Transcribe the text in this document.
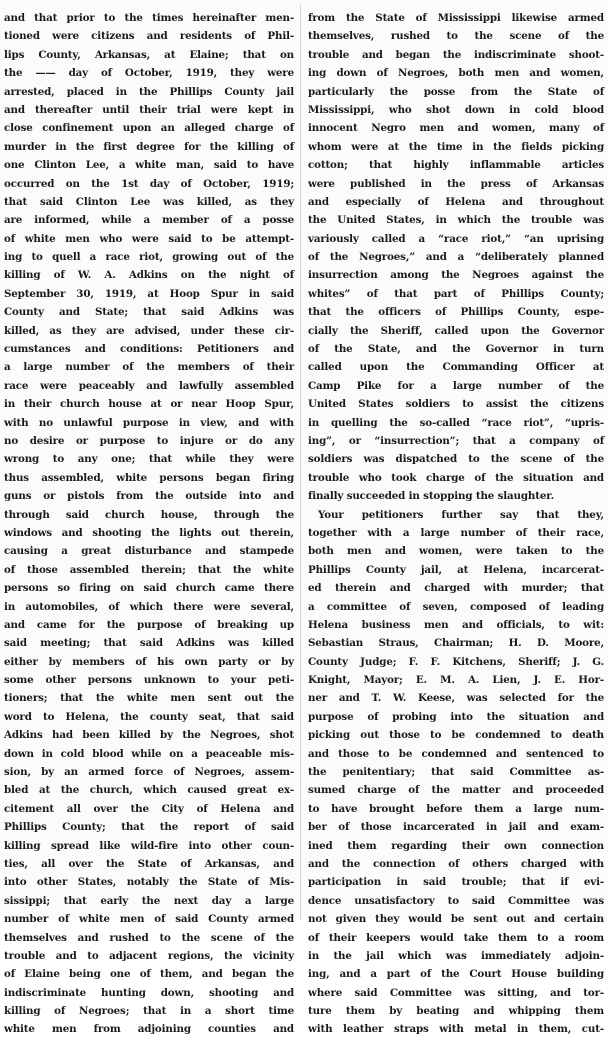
and that prior to the times hereinafter men-
tioned were citizens and residents of Phil-
lips County, Arkansas, at Elaine; that on
the —— day of October, 1919, they were
arrested, placed in the Phillips County jail
and thereafter until their trial were kept in
close confinement upon an alleged charge of
murder in the first degree for the killing of
one Clinton Lee, a white man, said to have
occurred on the 1st day of October, 1919;
that said Clinton Lee was killed, as they
are informed, while a member of a posse
of white men who were said to be attempt-
ing to quell a race riot, growing out of the
killing of W. A. Adkins on the night of
September 30, 1919, at Hoop Spur in said
County and State; that said Adkins was
killed, as they are advised, under these cir-
cumstances and conditions: Petitioners and
a large number of the members of their
race were peaceably and lawfully assembled
in their church house at or near Hoop Spur,
with no unlawful purpose in view, and with
no desire or purpose to injure or do any
wrong to any one; that while they were
thus assembled, white persons began firing
guns or pistols from the outside into and
through said church house, through the
windows and shooting the lights out therein,
causing a great disturbance and stampede
of those assembled therein; that the white
persons so firing on said church came there
in automobiles, of which there were several,
and came for the purpose of breaking up
said meeting; that said Adkins was killed
either by members of his own party or by
some other persons unknown to your peti-
tioners; that the white men sent out the
word to Helena, the county seat, that said
Adkins had been killed by the Negroes, shot
down in cold blood while on a peaceable mis-
sion, by an armed force of Negroes, assem-
bled at the church, which caused great ex-
citement all over the City of Helena and
Phillips County; that the report of said
killing spread like wild-fire into other coun-
ties, all over the State of Arkansas, and
into other States, notably the State of Mis-
sissippi; that early the next day a large
number of white men of said County armed
themselves and rushed to the scene of the
trouble and to adjacent regions, the vicinity
of Elaine being one of them, and began the
indiscriminate hunting down, shooting and
killing of Negroes; that in a short time
white men from adjoining counties and
from the State of Mississippi likewise armed
themselves, rushed to the scene of the
trouble and began the indiscriminate shoot-
ing down of Negroes, both men and women,
particularly the posse from the State of
Mississippi, who shot down in cold blood
innocent Negro men and women, many of
whom were at the time in the fields picking
cotton; that highly inflammable articles
were published in the press of Arkansas
and especially of Helena and throughout
the United States, in which the trouble was
variously called a “race riot,” “an uprising
of the Negroes,” and a “deliberately planned
insurrection among the Negroes against the
whites” of that part of Phillips County;
that the officers of Phillips County, espe-
cially the Sheriff, called upon the Governor
of the State, and the Governor in turn
called upon the Commanding Officer at
Camp Pike for a large number of the
United States soldiers to assist the citizens
in quelling the so-called “race riot”, “upris-
ing”, or “insurrection”; that a company of
soldiers was dispatched to the scene of the
trouble who took charge of the situation and
finally succeeded in stopping the slaughter.
Your petitioners further say that they,
together with a large number of their race,
both men and women, were taken to the
Phillips County jail, at Helena, incarcerat-
ed therein and charged with murder; that
a committee of seven, composed of leading
Helena business men and officials, to wit:
Sebastian Straus, Chairman; H. D. Moore,
County Judge; F. F. Kitchens, Sheriff; J. G.
Knight, Mayor; E. M. A. Lien, J. E. Hor-
ner and T. W. Keese, was selected for the
purpose of probing into the situation and
picking out those to be condemned to death
and those to be condemned and sentenced to
the penitentiary; that said Committee as-
sumed charge of the matter and proceeded
to have brought before them a large num-
ber of those incarcerated in jail and exam-
ined them regarding their own connection
and the connection of others charged with
participation in said trouble; that if evi-
dence unsatisfactory to said Committee was
not given they would be sent out and certain
of their keepers would take them to a room
in the jail which was immediately adjoin-
ing, and a part of the Court House building
where said Committee was sitting, and tor-
ture them by beating and whipping them
with leather straps with metal in them, cut-
